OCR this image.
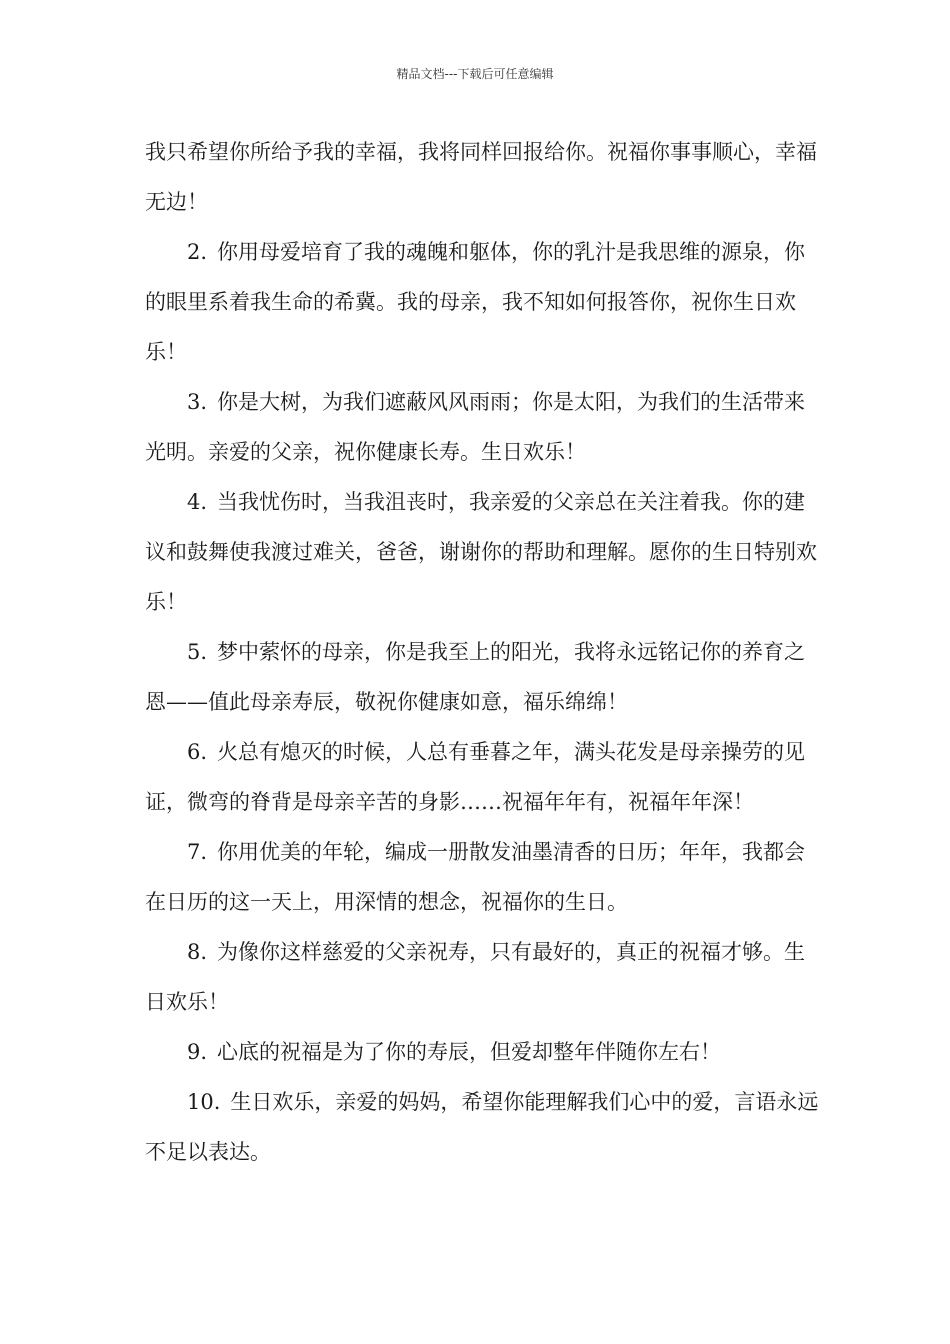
精品文档---下载后可任意编辑

我只希望你所给予我的幸福，我将同样回报给你。祝福你事事顺心，幸福无边！

2. 你用母爱培育了我的魂魄和躯体，你的乳汁是我思维的源泉，你的眼里系着我生命的希冀。我的母亲，我不知如何报答你，祝你生日欢乐！

3. 你是大树，为我们遮蔽风风雨雨；你是太阳，为我们的生活带来光明。亲爱的父亲，祝你健康长寿。生日欢乐！

4. 当我忧伤时，当我沮丧时，我亲爱的父亲总在关注着我。你的建议和鼓舞使我渡过难关，爸爸，谢谢你的帮助和理解。愿你的生日特别欢乐！

5. 梦中萦怀的母亲，你是我至上的阳光，我将永远铭记你的养育之恩——值此母亲寿辰，敬祝你健康如意，福乐绵绵！

6. 火总有熄灭的时候，人总有垂暮之年，满头花发是母亲操劳的见证，微弯的脊背是母亲辛苦的身影……祝福年年有，祝福年年深！

7. 你用优美的年轮，编成一册散发油墨清香的日历；年年，我都会在日历的这一天上，用深情的想念，祝福你的生日。

8. 为像你这样慈爱的父亲祝寿，只有最好的，真正的祝福才够。生日欢乐！

9. 心底的祝福是为了你的寿辰，但爱却整年伴随你左右！

10. 生日欢乐，亲爱的妈妈，希望你能理解我们心中的爱，言语永远不足以表达。
